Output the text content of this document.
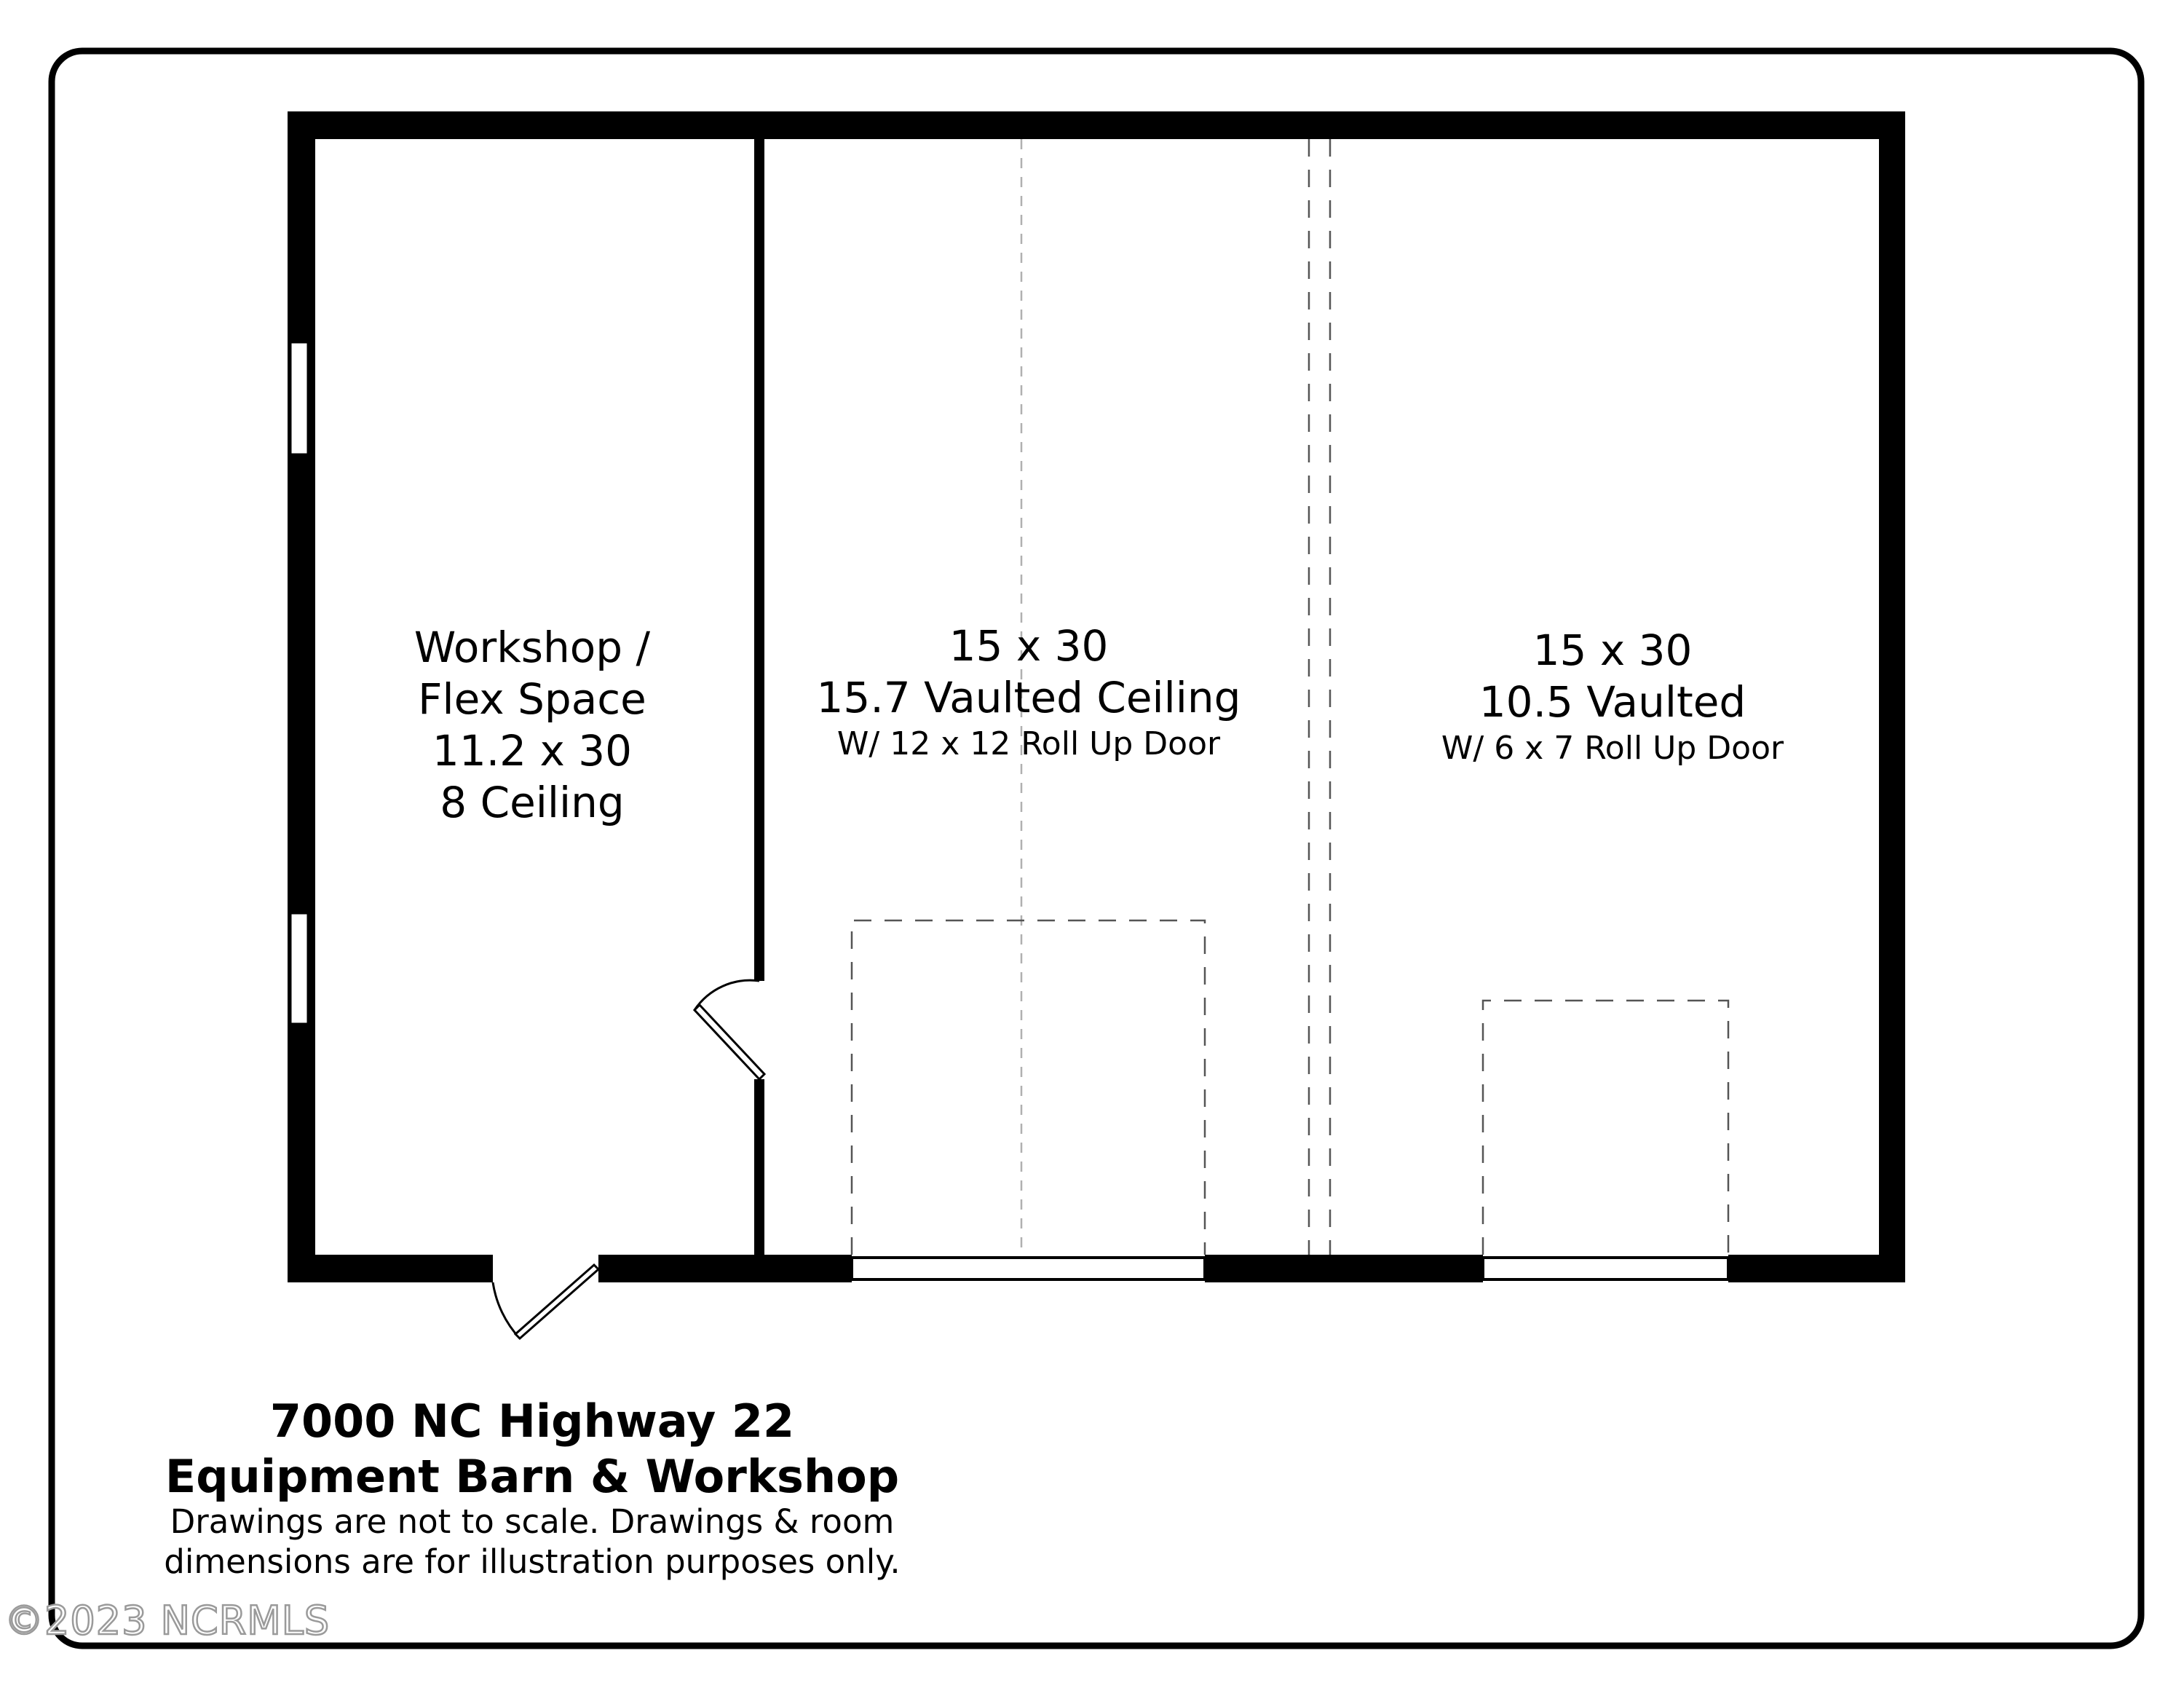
Workshop /
Flex Space
11.2 x 30
8 Ceiling
15 x 30
15.7 Vaulted Ceiling
W/ 12 x 12 Roll Up Door
15 x 30
10.5 Vaulted
W/ 6 x 7 Roll Up Door
7000 NC Highway 22
Equipment Barn & Workshop
Drawings are not to scale. Drawings & room
dimensions are for illustration purposes only.
©2023 NCRMLS
